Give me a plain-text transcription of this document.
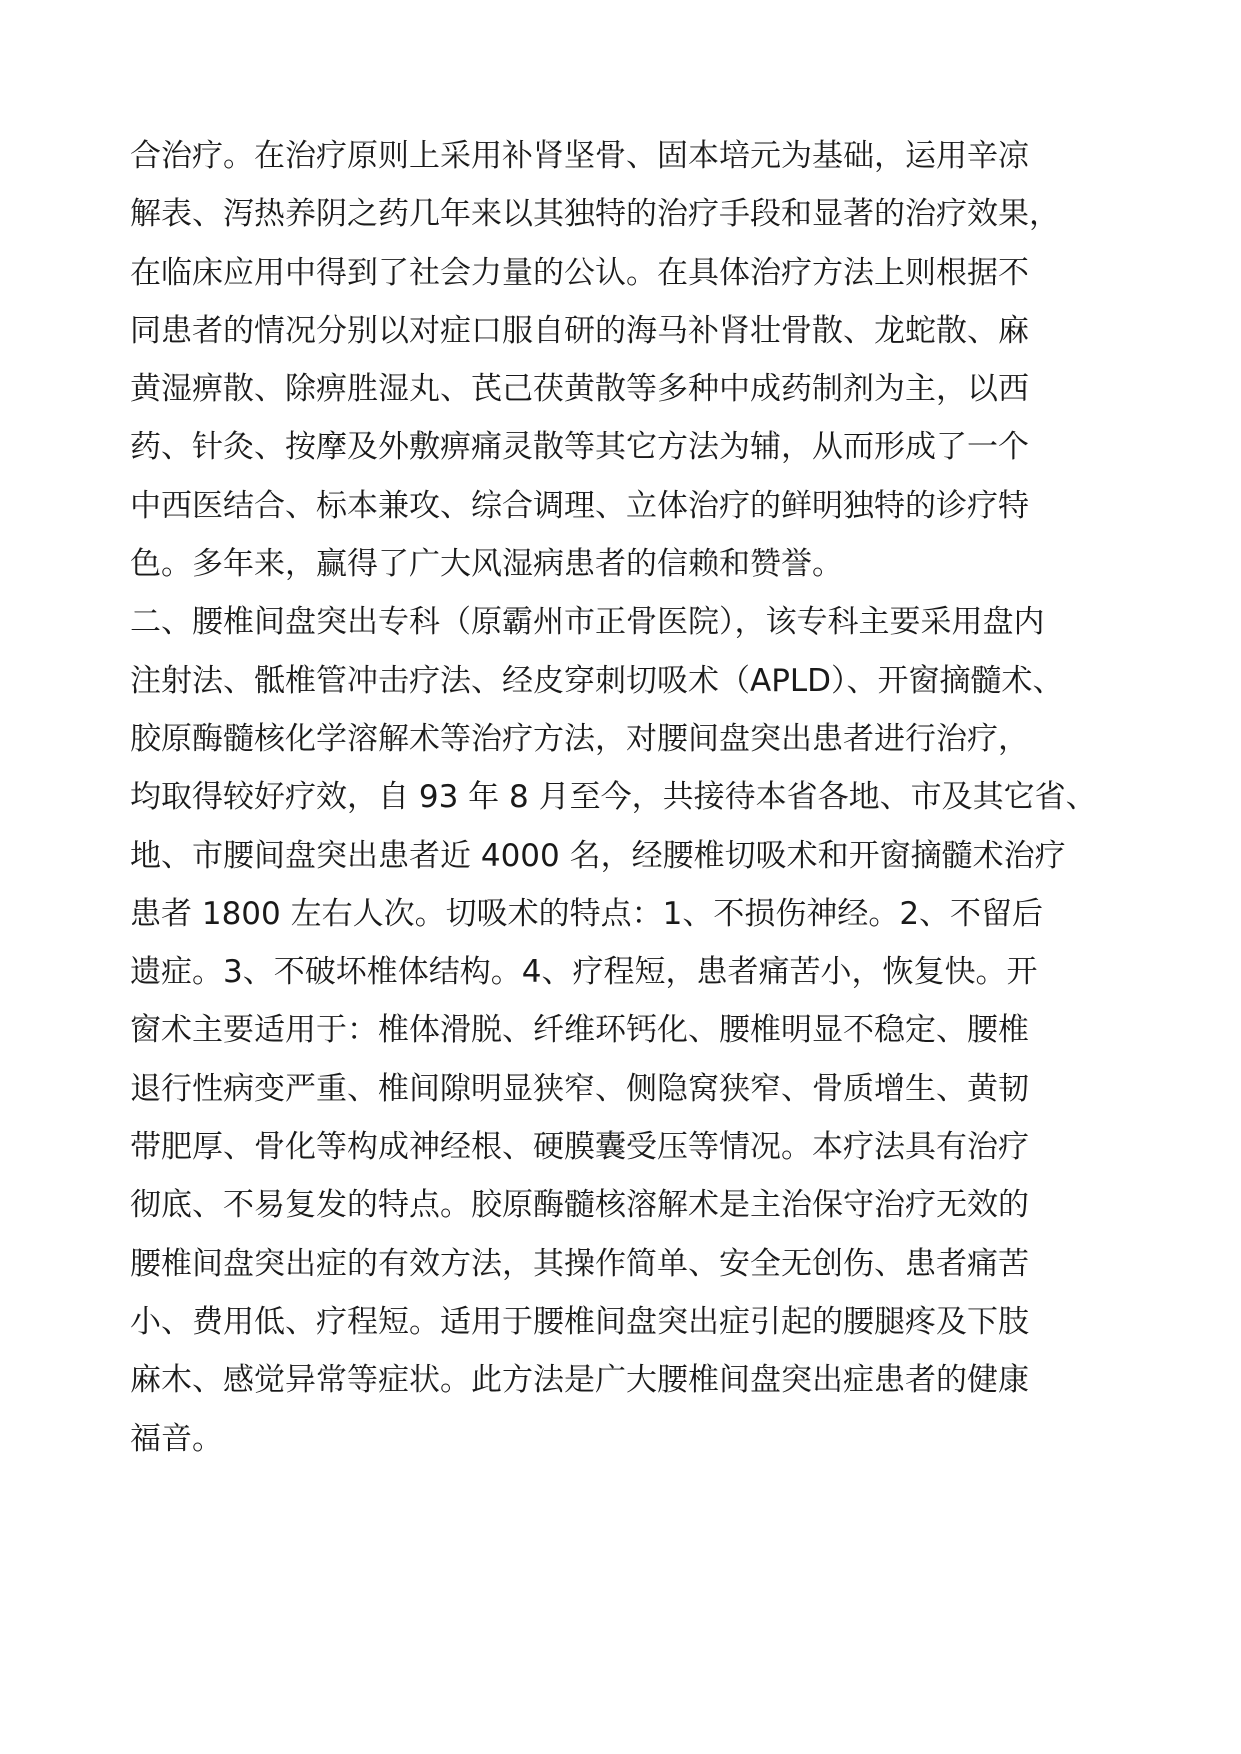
合治疗。在治疗原则上采用补肾坚骨、固本培元为基础，运用辛凉
解表、泻热养阴之药几年来以其独特的治疗手段和显著的治疗效果，
在临床应用中得到了社会力量的公认。在具体治疗方法上则根据不
同患者的情况分别以对症口服自研的海马补肾壮骨散、龙蛇散、麻
黄湿痹散、除痹胜湿丸、芪己茯黄散等多种中成药制剂为主，以西
药、针灸、按摩及外敷痹痛灵散等其它方法为辅，从而形成了一个
中西医结合、标本兼攻、综合调理、立体治疗的鲜明独特的诊疗特
色。多年来，赢得了广大风湿病患者的信赖和赞誉。
二、腰椎间盘突出专科（原霸州市正骨医院），该专科主要采用盘内
注射法、骶椎管冲击疗法、经皮穿刺切吸术（APLD）、开窗摘髓术、
胶原酶髓核化学溶解术等治疗方法，对腰间盘突出患者进行治疗，
均取得较好疗效，自 93 年 8 月至今，共接待本省各地、市及其它省、
地、市腰间盘突出患者近 4000 名，经腰椎切吸术和开窗摘髓术治疗
患者 1800 左右人次。切吸术的特点：1、不损伤神经。2、不留后
遗症。3、不破坏椎体结构。4、疗程短，患者痛苦小，恢复快。开
窗术主要适用于：椎体滑脱、纤维环钙化、腰椎明显不稳定、腰椎
退行性病变严重、椎间隙明显狭窄、侧隐窝狭窄、骨质增生、黄韧
带肥厚、骨化等构成神经根、硬膜囊受压等情况。本疗法具有治疗
彻底、不易复发的特点。胶原酶髓核溶解术是主治保守治疗无效的
腰椎间盘突出症的有效方法，其操作简单、安全无创伤、患者痛苦
小、费用低、疗程短。适用于腰椎间盘突出症引起的腰腿疼及下肢
麻木、感觉异常等症状。此方法是广大腰椎间盘突出症患者的健康
福音。
